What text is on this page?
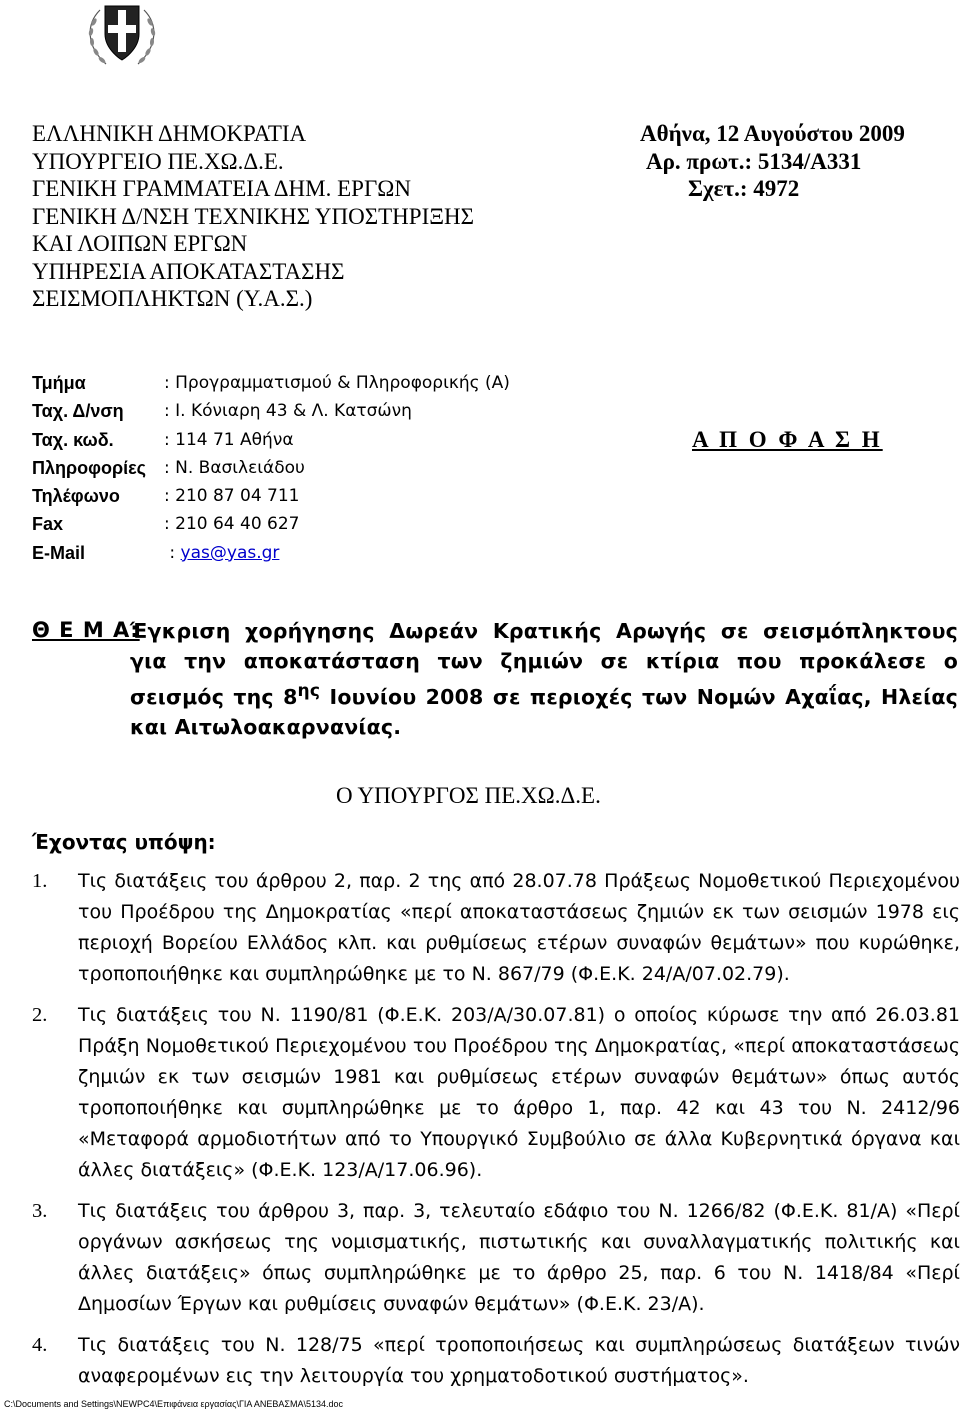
ΕΛΛΗΝΙΚΗ ΔΗΜΟΚΡΑΤΙΑ
ΥΠΟΥΡΓΕΙΟ ΠΕ.ΧΩ.Δ.Ε.
ΓΕΝΙΚΗ ΓΡΑΜΜΑΤΕΙΑ ΔΗΜ. ΕΡΓΩΝ
ΓΕΝΙΚΗ Δ/ΝΣΗ ΤΕΧΝΙΚΗΣ ΥΠΟΣΤΗΡΙΞΗΣ
ΚΑΙ ΛΟΙΠΩΝ ΕΡΓΩΝ
ΥΠΗΡΕΣΙΑ ΑΠΟΚΑΤΑΣΤΑΣΗΣ
ΣΕΙΣΜΟΠΛΗΚΤΩΝ (Υ.Α.Σ.)
Αθήνα, 12 Αυγούστου 2009
Αρ. πρωτ.: 5134/Α331
Σχετ.: 4972
Τμήμα	: Προγραμματισμού & Πληροφορικής (Α)
Ταχ. Δ/νση	: Ι. Κόνιαρη 43 & Λ. Κατσώνη
Ταχ. κωδ.	: 114 71 Αθήνα
Πληροφορίες	: Ν. Βασιλειάδου
Τηλέφωνο	: 210 87 04 711
Fax	: 210 64 40 627
E-Mail	: yas@yas.gr
Α Π Ο Φ Α Σ Η
Θ Ε Μ Α:
Έγκριση χορήγησης Δωρεάν Κρατικής Αρωγής σε σεισμόπληκτους για την αποκατάσταση των ζημιών σε κτίρια που προκάλεσε ο σεισμός της $8^{\eta\varsigma}$ Ιουνίου 2008 σε περιοχές των Νομών Αχαΐας, Ηλείας και Αιτωλοακαρνανίας.
Ο ΥΠΟΥΡΓΟΣ ΠΕ.ΧΩ.Δ.Ε.
Έχοντας υπόψη:
1.	Τις διατάξεις του άρθρου 2, παρ. 2 της από 28.07.78 Πράξεως Νομοθετικού Περιεχομένου του Προέδρου της Δημοκρατίας «περί αποκαταστάσεως ζημιών εκ των σεισμών 1978 εις περιοχή Βορείου Ελλάδος κλπ. και ρυθμίσεως ετέρων συναφών θεμάτων» που κυρώθηκε, τροποποιήθηκε και συμπληρώθηκε με το Ν. 867/79 (Φ.Ε.Κ. 24/Α/07.02.79).
2.	Τις διατάξεις του Ν. 1190/81 (Φ.Ε.Κ. 203/Α/30.07.81) ο οποίος κύρωσε την από 26.03.81 Πράξη Νομοθετικού Περιεχομένου του Προέδρου της Δημοκρατίας, «περί αποκαταστάσεως ζημιών εκ των σεισμών 1981 και ρυθμίσεως ετέρων συναφών θεμάτων» όπως αυτός τροποποιήθηκε και συμπληρώθηκε με το άρθρο 1, παρ. 42 και 43 του Ν. 2412/96 «Μεταφορά αρμοδιοτήτων από το Υπουργικό Συμβούλιο σε άλλα Κυβερνητικά όργανα και άλλες διατάξεις» (Φ.Ε.Κ. 123/Α/17.06.96).
3.	Τις διατάξεις του άρθρου 3, παρ. 3, τελευταίο εδάφιο του Ν. 1266/82 (Φ.Ε.Κ. 81/Α) «Περί οργάνων ασκήσεως της νομισματικής, πιστωτικής και συναλλαγματικής πολιτικής και άλλες διατάξεις» όπως συμπληρώθηκε με το άρθρο 25, παρ. 6 του Ν. 1418/84 «Περί Δημοσίων Έργων και ρυθμίσεις συναφών θεμάτων» (Φ.Ε.Κ. 23/Α).
4.	Τις διατάξεις του Ν. 128/75 «περί τροποποιήσεως και συμπληρώσεως διατάξεων τινών αναφερομένων εις την λειτουργία του χρηματοδοτικού συστήματος».
C:\Documents and Settings\NEWPC4\Επιφάνεια εργασίας\ΓΙΑ ΑΝΕΒΑΣΜΑ\5134.doc
